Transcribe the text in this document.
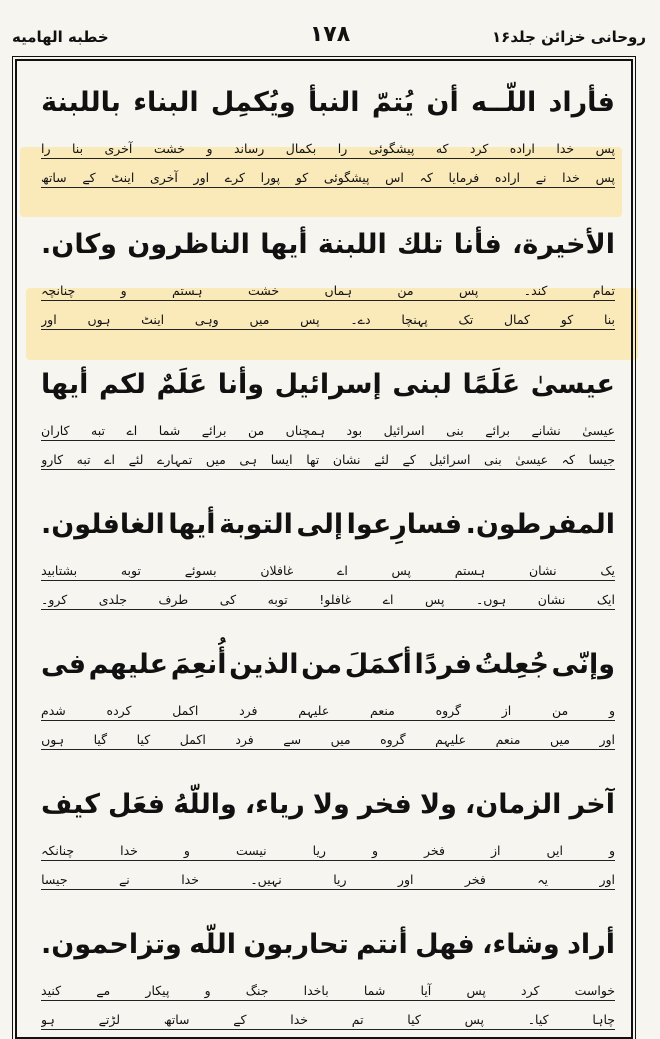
خطبه الهاميه	۱۷۸	روحانی خزائن جلد۱۶
فأراد
اللّــه
أن
يُتمّ
النبأ
ويُكمِل
البناء
باللبنة
پس
خدا
اراده
کرد
که
پیشگوئی
را
بکمال
رساند
و
خشت
آخری
بنا
را
پس
خدا
نے
اراده
فرمایا
کہ
اس
پیشگوئی
کو
پورا
کرے
اور
آخری
اینٹ
کے
ساتھ
الأخيرة،
فأنا
تلك
اللبنة
أيها
الناظرون
وكان.
تمام
کند۔
پس
من
ہماں
خشت
ہستم
و
چنانچہ
بنا
کو
کمال
تک
پہنچا
دے۔
پس
میں
وہی
اینٹ
ہوں
اور
عيسىٰ
عَلَمًا
لبنى
إسرائيل
وأنا
عَلَمٌ
لكم
أيها
عیسیٰ
نشانے
برائے
بنی
اسرائیل
بود
ہمچناں
من
برائے
شما
اے
تبه
کاران
جیسا
کہ
عیسیٰ
بنی
اسرائیل
کے
لئے
نشان
تھا
ایسا
ہی
میں
تمہارے
لئے
اے
تبه
کارو
المفرطون.
فسارِعوا
إلى
التوبة
أيها
الغافلون.
یک
نشان
ہستم
پس
اے
غافلان
بسوئے
توبه
بشتابید
ایک
نشان
ہوں۔
پس
اے
غافلو!
توبه
کی
طرف
جلدی
کرو۔
وإنّى
جُعِلتُ
فردًا
أكمَلَ
من
الذين
أُنعِمَ
عليهم
فى
و
من
از
گروه
منعم
علیہم
فرد
اکمل
کرده
شدم
اور
میں
منعم
علیہم
گروه
میں
سے
فرد
اکمل
کیا
گیا
ہوں
آخر
الزمان،
ولا
فخر
ولا
رياء،
واللّهُ
فعَل
كيف
و
ایں
از
فخر
و
ریا
نیست
و
خدا
چنانکہ
اور
یہ
فخر
اور
ریا
نہیں۔
خدا
نے
جیسا
أراد
وشاء،
فهل
أنتم
تحاربون
اللّه
وتزاحمون.
خواست
کرد
پس
آیا
شما
باخدا
جنگ
و
پیکار
مے
کنید
چاہا
کیا۔
پس
کیا
تم
خدا
کے
ساتھ
لڑتے
ہو
